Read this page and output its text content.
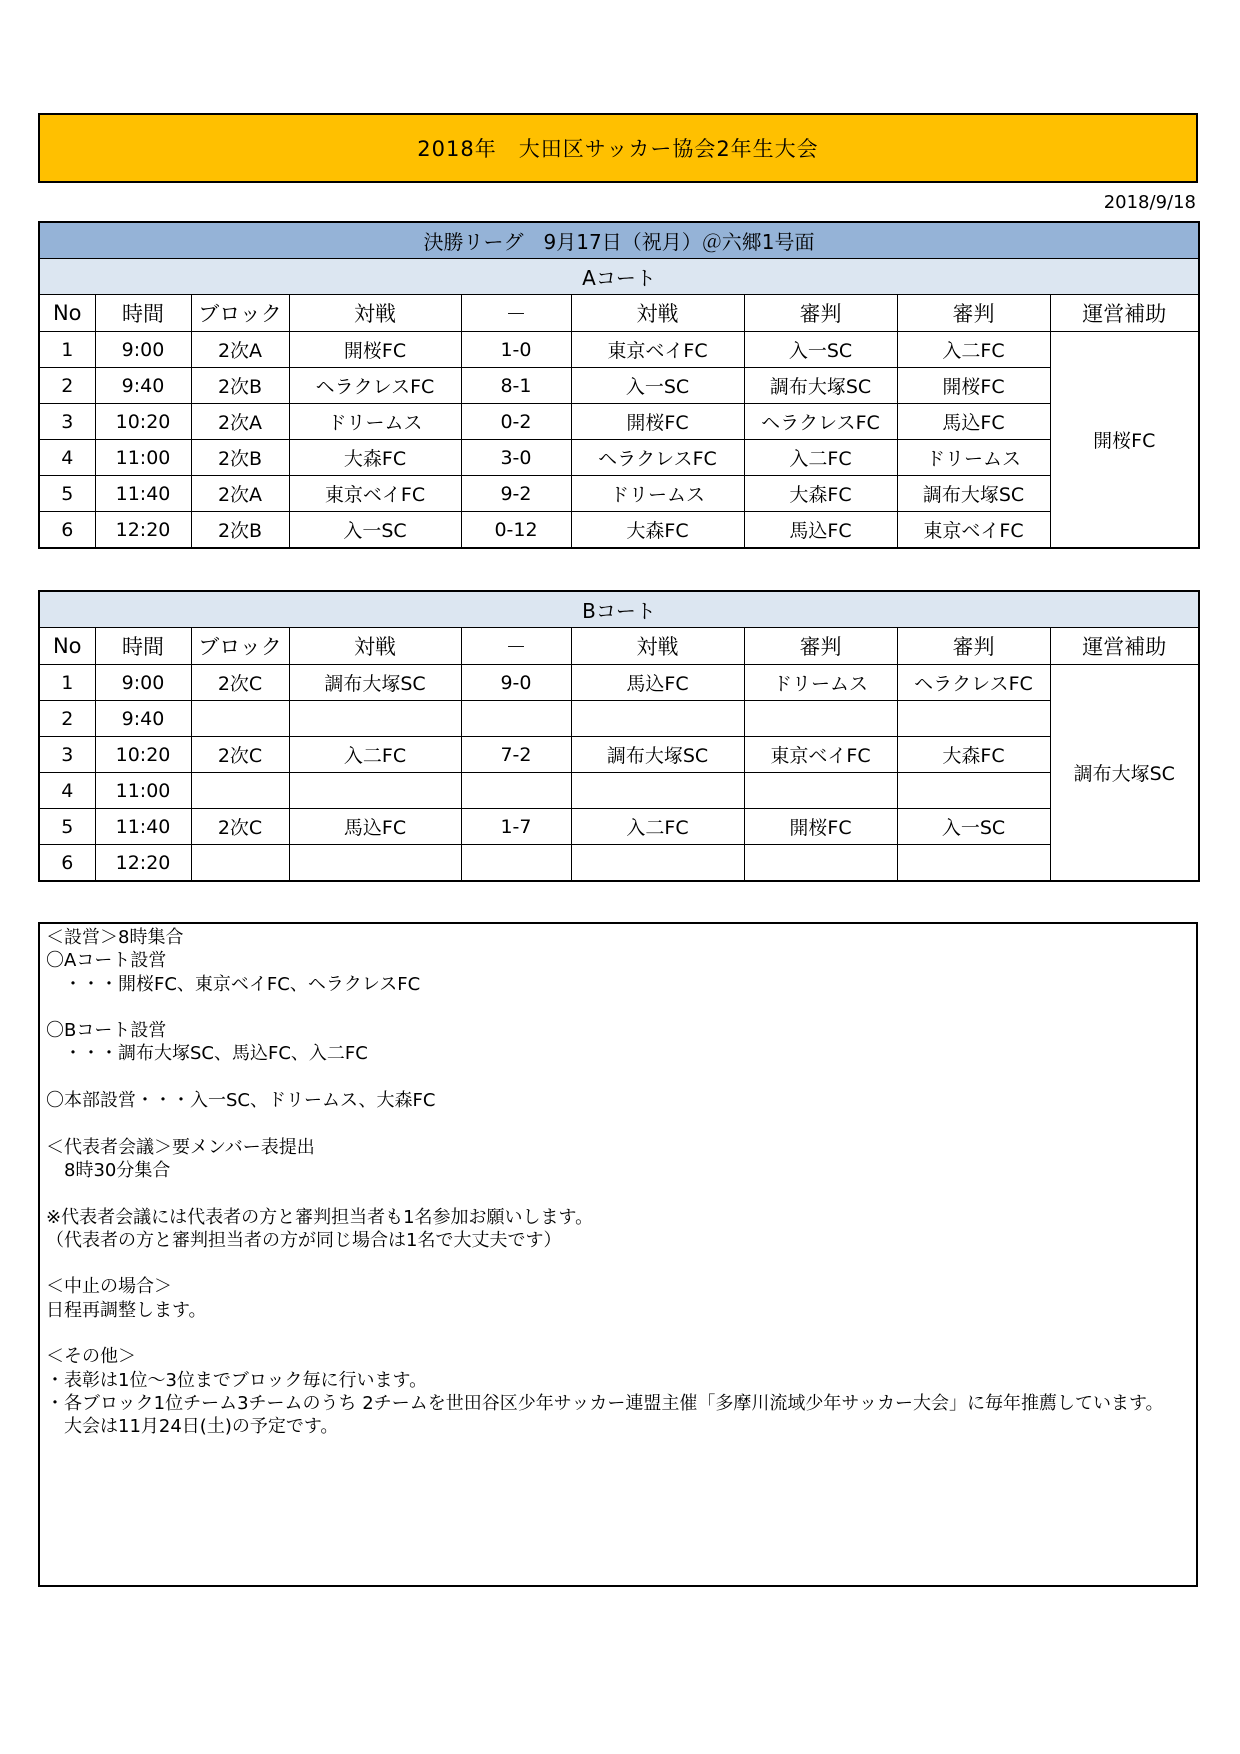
2018年　大田区サッカー協会2年生大会
2018/9/18
決勝リーグ　9月17日（祝月）＠六郷1号面								
Aコート								
No	時間	ブロック	対戦	－	対戦	審判	審判	運営補助
1	9:00	2次A	開桜FC	1-0	東京ベイFC	入一SC	入二FC	開桜FC
2	9:40	2次B	ヘラクレスFC	8-1	入一SC	調布大塚SC	開桜FC	
3	10:20	2次A	ドリームス	0-2	開桜FC	ヘラクレスFC	馬込FC	
4	11:00	2次B	大森FC	3-0	ヘラクレスFC	入二FC	ドリームス	
5	11:40	2次A	東京ベイFC	9-2	ドリームス	大森FC	調布大塚SC	
6	12:20	2次B	入一SC	0-12	大森FC	馬込FC	東京ベイFC	
Bコート								
No	時間	ブロック	対戦	－	対戦	審判	審判	運営補助
1	9:00	2次C	調布大塚SC	9-0	馬込FC	ドリームス	ヘラクレスFC	調布大塚SC
2	9:40							
3	10:20	2次C	入二FC	7-2	調布大塚SC	東京ベイFC	大森FC	
4	11:00							
5	11:40	2次C	馬込FC	1-7	入二FC	開桜FC	入一SC	
6	12:20							
＜設営＞8時集合
〇Aコート設営
　・・・開桜FC、東京ベイFC、ヘラクレスFC
〇Bコート設営
　・・・調布大塚SC、馬込FC、入二FC
〇本部設営・・・入一SC、ドリームス、大森FC
＜代表者会議＞要メンバー表提出
　8時30分集合
※代表者会議には代表者の方と審判担当者も1名参加お願いします。
（代表者の方と審判担当者の方が同じ場合は1名で大丈夫です）
＜中止の場合＞
日程再調整します。
＜その他＞
・表彰は1位～3位までブロック毎に行います。
・各ブロック1位チーム3チームのうち 2チームを世田谷区少年サッカー連盟主催「多摩川流域少年サッカー大会」に毎年推薦しています。
　大会は11月24日(土)の予定です。
